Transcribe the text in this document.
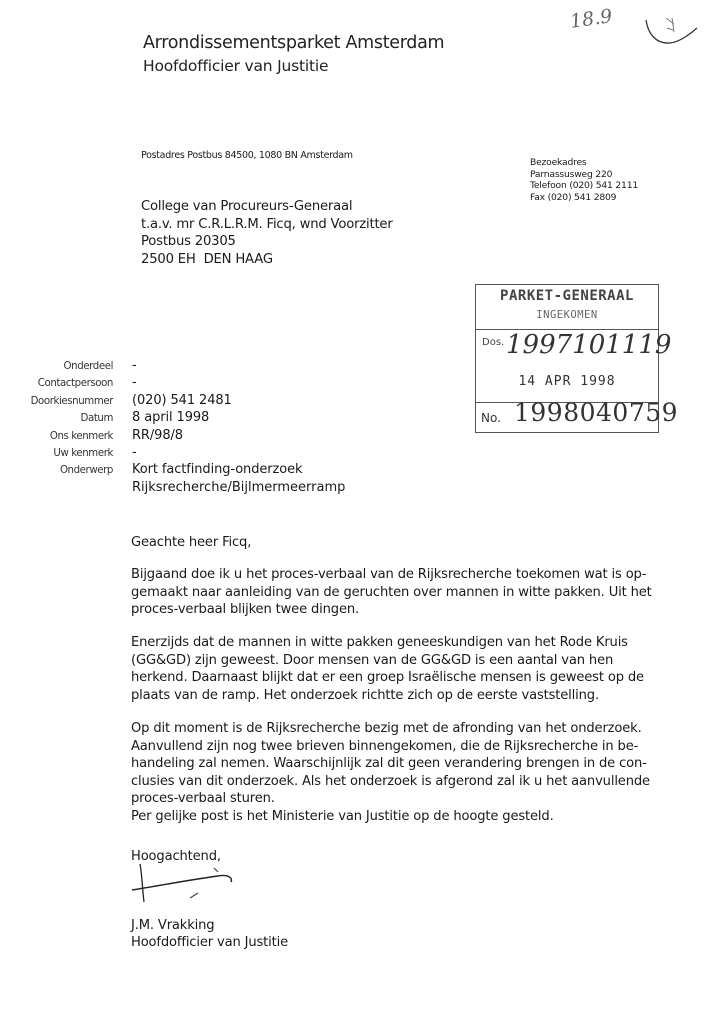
Arrondissementsparket Amsterdam
Hoofdofficier van Justitie
18.9
Postadres Postbus 84500, 1080 BN Amsterdam
Bezoekadres
Parnassusweg 220
Telefoon (020) 541 2111
Fax (020) 541 2809
College van Procureurs-Generaal
t.a.v. mr C.R.L.R.M. Ficq, wnd Voorzitter
Postbus 20305
2500 EH  DEN HAAG
PARKET-GENERAAL
INGEKOMEN
Dos. 1997101119
14 APR 1998
No. 1998040759
Onderdeel -
Contactpersoon -
Doorkiesnummer (020) 541 2481
Datum 8 april 1998
Ons kenmerk RR/98/8
Uw kenmerk -
Onderwerp Kort factfinding-onderzoek
Rijksrecherche/Bijlmermeerramp
Geachte heer Ficq,
Bijgaand doe ik u het proces-verbaal van de Rijksrecherche toekomen wat is op-
gemaakt naar aanleiding van de geruchten over mannen in witte pakken. Uit het
proces-verbaal blijken twee dingen.
Enerzijds dat de mannen in witte pakken geneeskundigen van het Rode Kruis
(GG&GD) zijn geweest. Door mensen van de GG&GD is een aantal van hen
herkend. Daarnaast blijkt dat er een groep Israëlische mensen is geweest op de
plaats van de ramp. Het onderzoek richtte zich op de eerste vaststelling.
Op dit moment is de Rijksrecherche bezig met de afronding van het onderzoek.
Aanvullend zijn nog twee brieven binnengekomen, die de Rijksrecherche in be-
handeling zal nemen. Waarschijnlijk zal dit geen verandering brengen in de con-
clusies van dit onderzoek. Als het onderzoek is afgerond zal ik u het aanvullende
proces-verbaal sturen.
Per gelijke post is het Ministerie van Justitie op de hoogte gesteld.
Hoogachtend,
J.M. Vrakking
Hoofdofficier van Justitie
